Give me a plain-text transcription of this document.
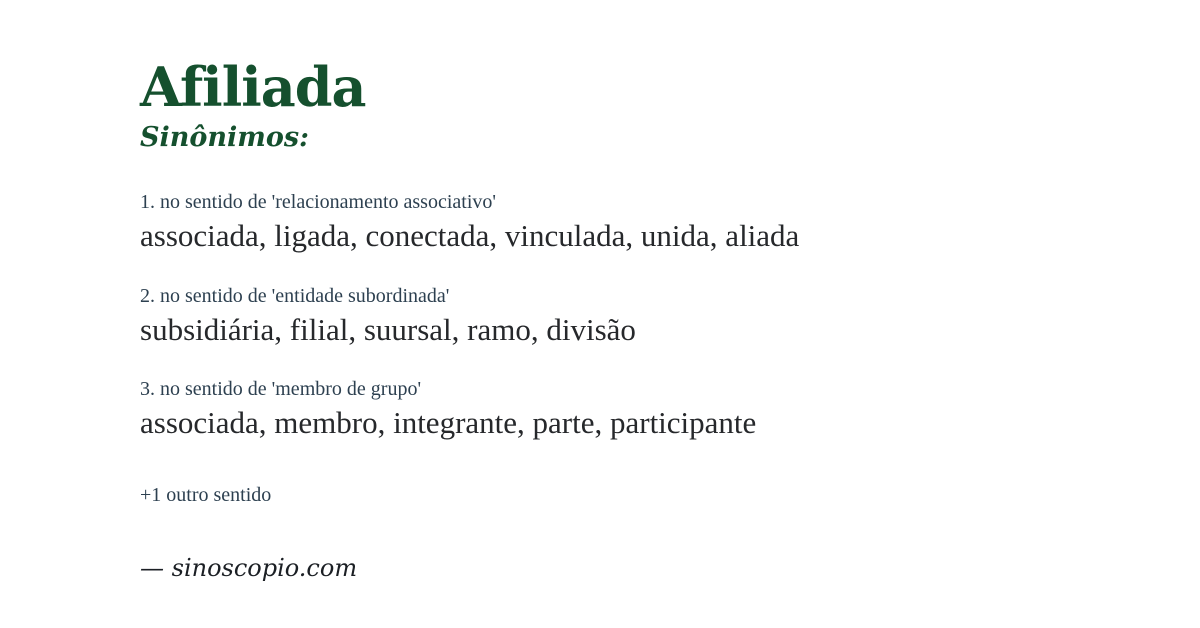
Afiliada
Sinônimos:
1. no sentido de 'relacionamento associativo'
associada, ligada, conectada, vinculada, unida, aliada
2. no sentido de 'entidade subordinada'
subsidiária, filial, suursal, ramo, divisão
3. no sentido de 'membro de grupo'
associada, membro, integrante, parte, participante
+1 outro sentido
— sinoscopio.com
